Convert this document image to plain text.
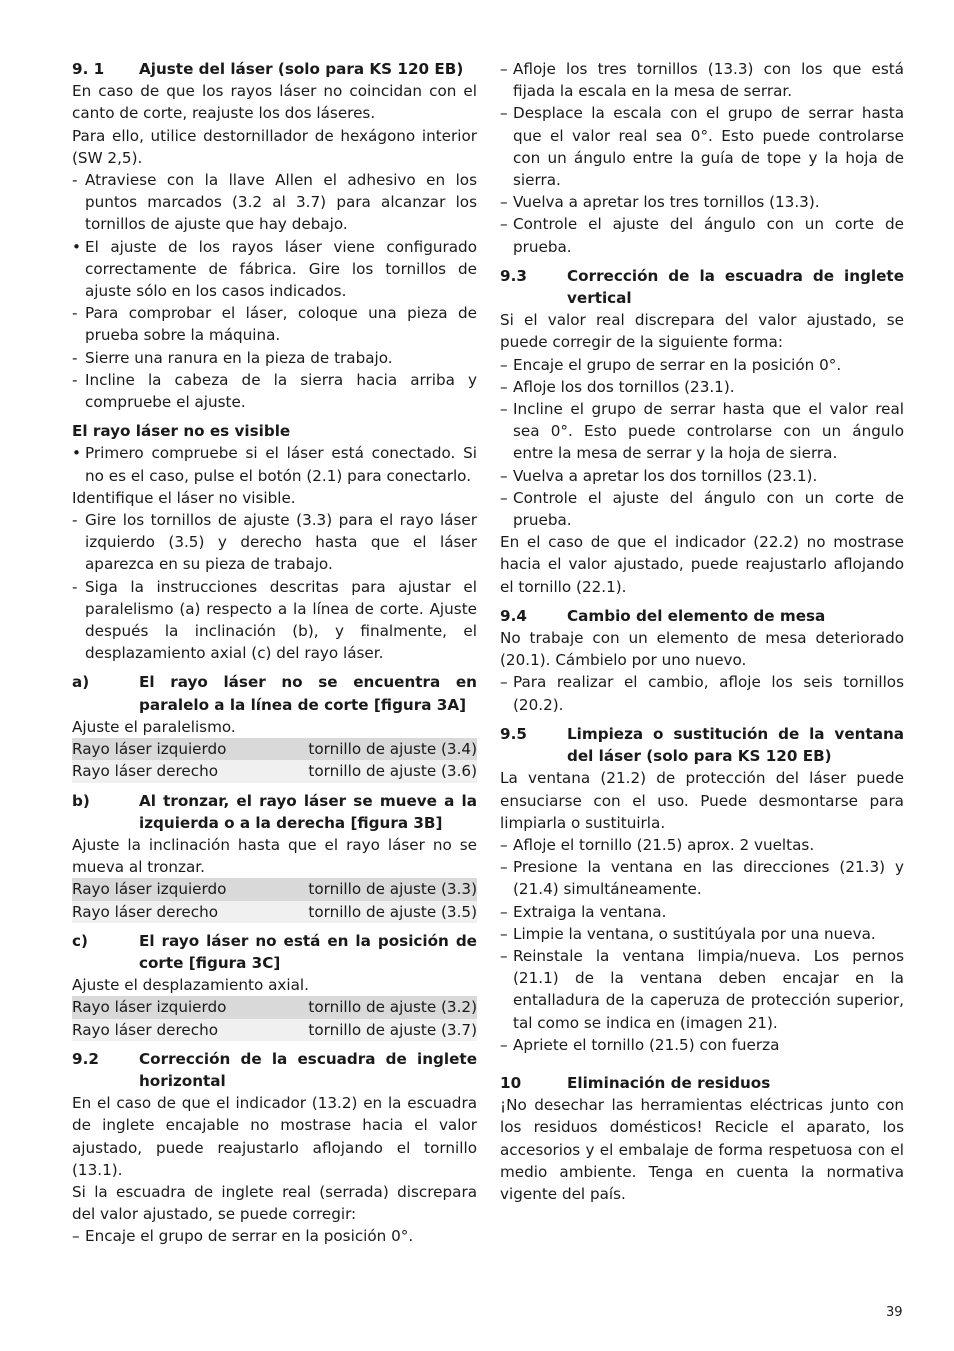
9. 1	Ajuste del láser (solo para KS 120 EB)

En caso de que los rayos láser no coincidan con el canto de corte, reajuste los dos láseres.

Para ello, utilice destornillador de hexágono interior (SW 2,5).

- Atraviese con la llave Allen el adhesivo en los puntos marcados (3.2 al 3.7) para alcanzar los tornillos de ajuste que hay debajo.
• El ajuste de los rayos láser viene configurado correctamente de fábrica. Gire los tornillos de ajuste sólo en los casos indicados.
- Para comprobar el láser, coloque una pieza de prueba sobre la máquina.
- Sierre una ranura en la pieza de trabajo.
- Incline la cabeza de la sierra hacia arriba y compruebe el ajuste.
El rayo láser no es visible
• Primero compruebe si el láser está conectado. Si no es el caso, pulse el botón (2.1) para conectarlo.

Identifique el láser no visible.

- Gire los tornillos de ajuste (3.3) para el rayo láser izquierdo (3.5) y derecho hasta que el láser aparezca en su pieza de trabajo.
- Siga la instrucciones descritas para ajustar el paralelismo (a) respecto a la línea de corte. Ajuste después la inclinación (b), y finalmente, el desplazamiento axial (c) del rayo láser.
a)	El rayo láser no se encuentra en paralelo a la línea de corte [figura 3A]

Ajuste el paralelismo.

Rayo láser izquierdo	tornillo de ajuste (3.4)
Rayo láser derecho	tornillo de ajuste (3.6)
b)	Al tronzar, el rayo láser se mueve a la izquierda o a la derecha [figura 3B]

Ajuste la inclinación hasta que el rayo láser no se mueva al tronzar.

Rayo láser izquierdo	tornillo de ajuste (3.3)
Rayo láser derecho	tornillo de ajuste (3.5)
c)	El rayo láser no está en la posición de corte [figura 3C]

Ajuste el desplazamiento axial.

Rayo láser izquierdo	tornillo de ajuste (3.2)
Rayo láser derecho	tornillo de ajuste (3.7)
9.2	Corrección de la escuadra de inglete horizontal

En el caso de que el indicador (13.2) en la escuadra de inglete encajable no mostrase hacia el valor ajustado, puede reajustarlo aflojando el tornillo (13.1).

Si la escuadra de inglete real (serrada) discrepara del valor ajustado, se puede corregir:

– Encaje el grupo de serrar en la posición 0°.
– Afloje los tres tornillos (13.3) con los que está fijada la escala en la mesa de serrar.
– Desplace la escala con el grupo de serrar hasta que el valor real sea 0°. Esto puede controlarse con un ángulo entre la guía de tope y la hoja de sierra.
– Vuelva a apretar los tres tornillos (13.3).
– Controle el ajuste del ángulo con un corte de prueba.
9.3	Corrección de la escuadra de inglete vertical

Si el valor real discrepara del valor ajustado, se puede corregir de la siguiente forma:

– Encaje el grupo de serrar en la posición 0°.
– Afloje los dos tornillos (23.1).
– Incline el grupo de serrar hasta que el valor real sea 0°. Esto puede controlarse con un ángulo entre la mesa de serrar y la hoja de sierra.
– Vuelva a apretar los dos tornillos (23.1).
– Controle el ajuste del ángulo con un corte de prueba.

En el caso de que el indicador (22.2) no mostrase hacia el valor ajustado, puede reajustarlo aflojando el tornillo (22.1).

9.4	Cambio del elemento de mesa

No trabaje con un elemento de mesa deteriorado (20.1). Cámbielo por uno nuevo.

– Para realizar el cambio, afloje los seis tornillos (20.2).
9.5	Limpieza o sustitución de la ventana del láser (solo para KS 120 EB)

La ventana (21.2) de protección del láser puede ensuciarse con el uso. Puede desmontarse para limpiarla o sustituirla.

– Afloje el tornillo (21.5) aprox. 2 vueltas.
– Presione la ventana en las direcciones (21.3) y (21.4) simultáneamente.
– Extraiga la ventana.
– Limpie la ventana, o sustitúyala por una nueva.
– Reinstale la ventana limpia/nueva. Los pernos (21.1) de la ventana deben encajar en la entalladura de la caperuza de protección superior, tal como se indica en (imagen 21).
– Apriete el tornillo (21.5) con fuerza
10	Eliminación de residuos

¡No desechar las herramientas eléctricas junto con los residuos domésticos! Recicle el aparato, los accesorios y el embalaje de forma respetuosa con el medio ambiente. Tenga en cuenta la normativa vigente del país.

39
